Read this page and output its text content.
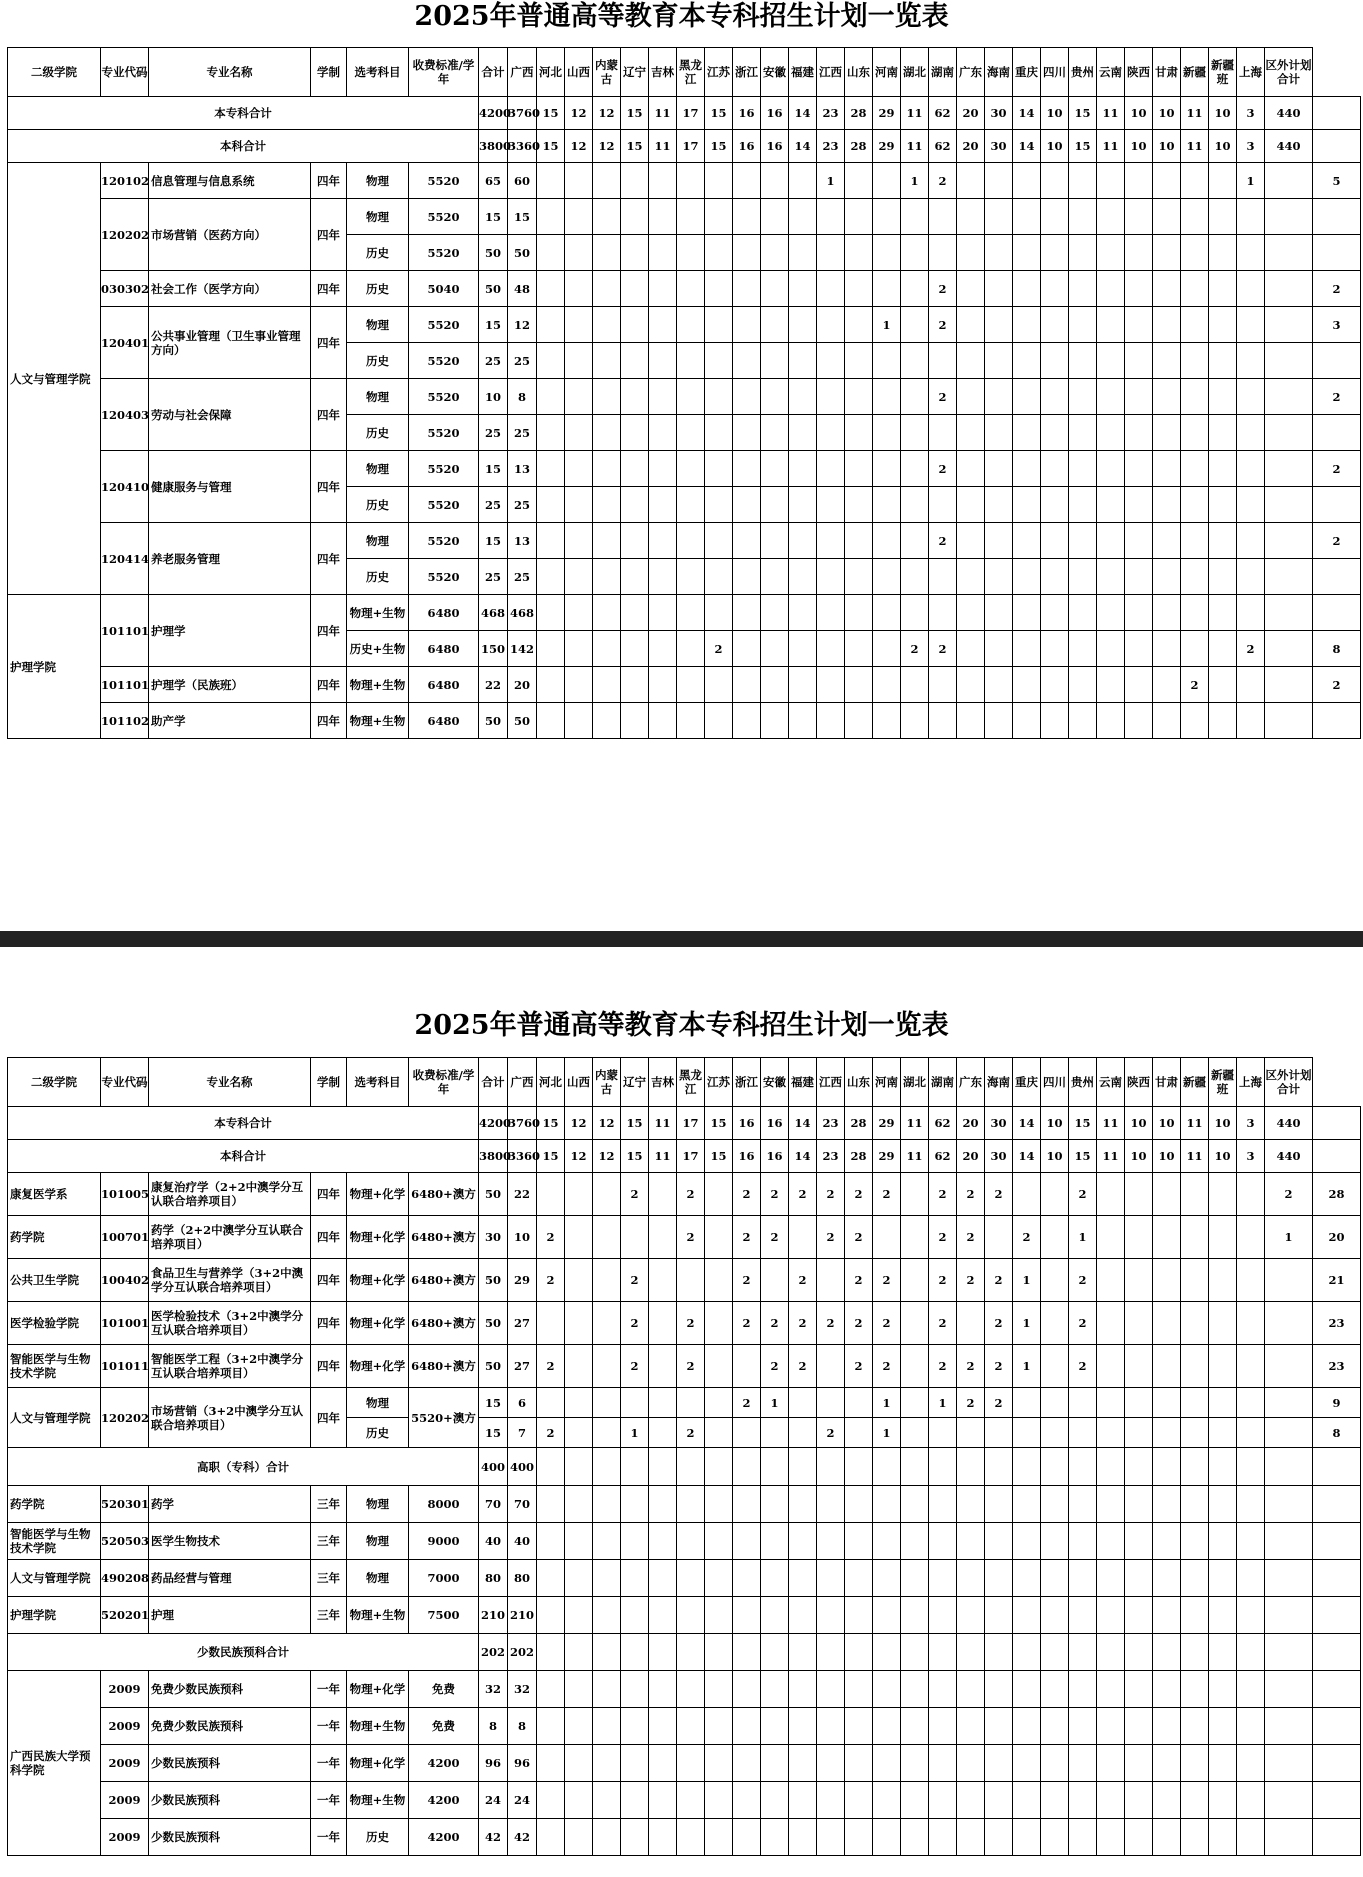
2025年普通高等教育本专科招生计划一览表
二级学院	专业代码	专业名称	学制	选考科目	收费标准/学年	合计	广西	河北	山西	内蒙古	辽宁	吉林	黑龙江	江苏	浙江	安徽	福建	江西	山东	河南	湖北	湖南	广东	海南	重庆	四川	贵州	云南	陕西	甘肃	新疆	新疆班	上海	区外计划合计	
本专科合计						4200	3760	15	12	12	15	11	17	15	16	16	14	23	28	29	11	62	20	30	14	10	15	11	10	10	11	10	3	440	
本科合计						3800	3360	15	12	12	15	11	17	15	16	16	14	23	28	29	11	62	20	30	14	10	15	11	10	10	11	10	3	440	
人文与管理学院	120102	信息管理与信息系统	四年	物理	5520	65	60											1			1	2											1		5
	120202	市场营销（医药方向）	四年	物理	5520	15	15																												
				历史	5520	50	50																												
	030302	社会工作（医学方向）	四年	历史	5040	50	48															2													2
	120401	公共事业管理（卫生事业管理方向）	四年	物理	5520	15	12													1		2													3
				历史	5520	25	25																												
	120403	劳动与社会保障	四年	物理	5520	10	8															2													2
				历史	5520	25	25																												
	120410	健康服务与管理	四年	物理	5520	15	13															2													2
				历史	5520	25	25																												
	120414	养老服务管理	四年	物理	5520	15	13															2													2
				历史	5520	25	25																												
护理学院	101101	护理学	四年	物理+生物	6480	468	468																												
				历史+生物	6480	150	142							2							2	2											2		8
	101101	护理学（民族班）	四年	物理+生物	6480	22	20																								2				2
	101102	助产学	四年	物理+生物	6480	50	50																												
2025年普通高等教育本专科招生计划一览表
二级学院	专业代码	专业名称	学制	选考科目	收费标准/学年	合计	广西	河北	山西	内蒙古	辽宁	吉林	黑龙江	江苏	浙江	安徽	福建	江西	山东	河南	湖北	湖南	广东	海南	重庆	四川	贵州	云南	陕西	甘肃	新疆	新疆班	上海	区外计划合计	
本专科合计						4200	3760	15	12	12	15	11	17	15	16	16	14	23	28	29	11	62	20	30	14	10	15	11	10	10	11	10	3	440	
本科合计						3800	3360	15	12	12	15	11	17	15	16	16	14	23	28	29	11	62	20	30	14	10	15	11	10	10	11	10	3	440	
康复医学系	101005	康复治疗学（2+2中澳学分互认联合培养项目）	四年	物理+化学	6480+澳方	50	22				2		2		2	2	2	2	2	2		2	2	2			2							2	28
药学院	100701	药学（2+2中澳学分互认联合培养项目）	四年	物理+化学	6480+澳方	30	10	2					2		2	2		2	2			2	2		2		1							1	20
公共卫生学院	100402	食品卫生与营养学（3+2中澳学分互认联合培养项目）	四年	物理+化学	6480+澳方	50	29	2			2				2		2		2	2		2	2	2	1		2								21
医学检验学院	101001	医学检验技术（3+2中澳学分互认联合培养项目）	四年	物理+化学	6480+澳方	50	27				2		2		2	2	2	2	2	2		2		2	1		2								23
智能医学与生物技术学院	101011	智能医学工程（3+2中澳学分互认联合培养项目）	四年	物理+化学	6480+澳方	50	27	2			2		2			2	2		2	2		2	2	2	1		2								23
人文与管理学院	120202	市场营销（3+2中澳学分互认联合培养项目）	四年	物理	5520+澳方	15	6								2	1				1		1	2	2											9
				历史		15	7	2			1		2					2		1															8
高职（专科）合计						400	400																												
药学院	520301	药学	三年	物理	8000	70	70																												
智能医学与生物技术学院	520503	医学生物技术	三年	物理	9000	40	40																												
人文与管理学院	490208	药品经营与管理	三年	物理	7000	80	80																												
护理学院	520201	护理	三年	物理+生物	7500	210	210																												
少数民族预科合计						202	202																												
广西民族大学预科学院	2009	免费少数民族预科	一年	物理+化学	免费	32	32																												
	2009	免费少数民族预科	一年	物理+生物	免费	8	8																												
	2009	少数民族预科	一年	物理+化学	4200	96	96																												
	2009	少数民族预科	一年	物理+生物	4200	24	24																												
	2009	少数民族预科	一年	历史	4200	42	42																												
